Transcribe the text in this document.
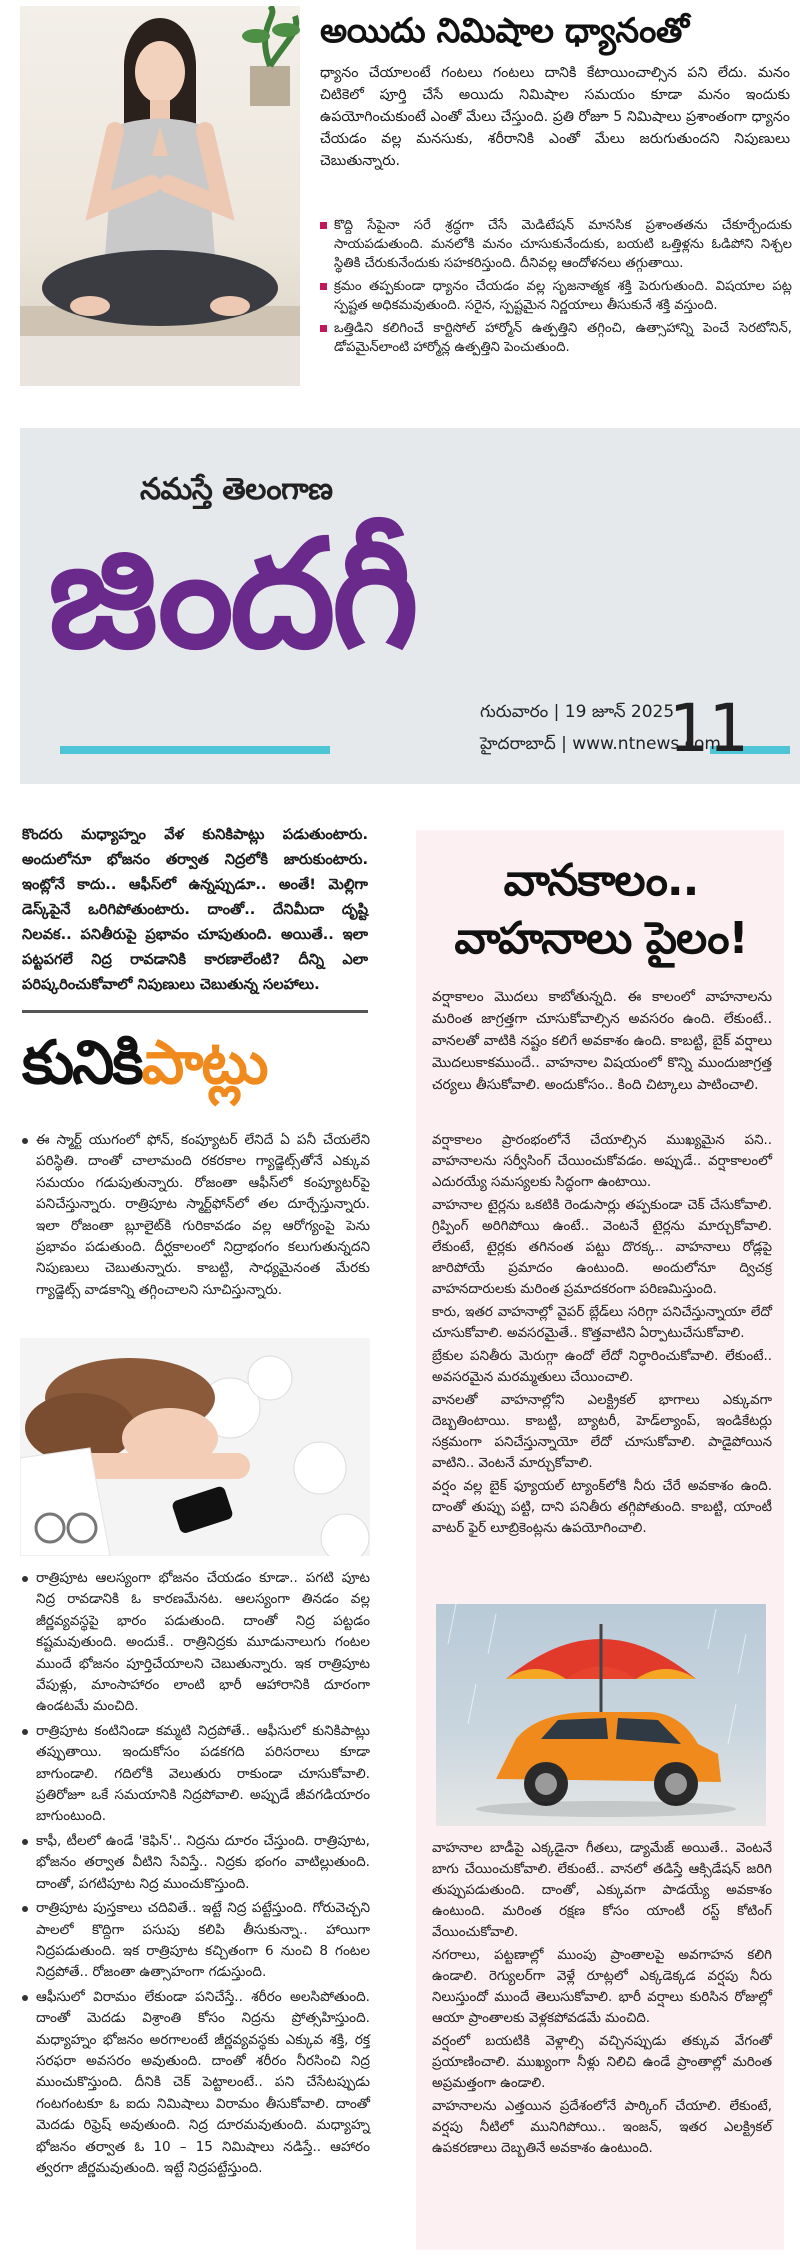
అయిదు నిమిషాల ధ్యానంతో
ధ్యానం చేయాలంటే గంటలు గంటలు దానికి కేటాయించాల్సిన పని లేదు. మనం చిటికెలో పూర్తి చేసే అయిదు నిమిషాల సమయం కూడా మనం ఇందుకు ఉపయోగించుకుంటే ఎంతో మేలు చేస్తుంది. ప్రతి రోజూ 5 నిమిషాలు ప్రశాంతంగా ధ్యానం చేయడం వల్ల మనసుకు, శరీరానికి ఎంతో మేలు జరుగుతుందని నిపుణులు చెబుతున్నారు.

కొద్ది సేపైనా సరే శ్రద్ధగా చేసే మెడిటేషన్ మానసిక ప్రశాంతతను చేకూర్చేందుకు సాయపడుతుంది. మనలోకి మనం చూసుకునేందుకు, బయటి ఒత్తిళ్లను ఓడిపోని నిశ్చల స్థితికి చేరుకునేందుకు సహకరిస్తుంది. దీనివల్ల ఆందోళనలు తగ్గుతాయి.

క్రమం తప్పకుండా ధ్యానం చేయడం వల్ల సృజనాత్మక శక్తి పెరుగుతుంది. విషయాల పట్ల స్పష్టత అధికమవుతుంది. సరైన, స్పష్టమైన నిర్ణయాలు తీసుకునే శక్తి వస్తుంది.

ఒత్తిడిని కలిగించే కార్టిసోల్ హార్మోన్ ఉత్పత్తిని తగ్గించి, ఉత్సాహాన్ని పెంచే సెరటోనిన్, డోపమైన్‌లాంటి హార్మోన్ల ఉత్పత్తిని పెంచుతుంది.

నమస్తే తెలంగాణ
జిందగీ
గురువారం | 19 జూన్ 2025
హైదరాబాద్ | www.ntnews.com
11
కొందరు మధ్యాహ్నం వేళ కునికిపాట్లు పడుతుంటారు. అందులోనూ భోజనం తర్వాత నిద్రలోకి జారుకుంటారు. ఇంట్లోనే కాదు.. ఆఫీస్‌లో ఉన్నప్పుడూ.. అంతే! మెల్లిగా డెస్క్‌పైనే ఒరిగిపోతుంటారు. దాంతో.. దేనిమీదా దృష్టి నిలవక.. పనితీరుపై ప్రభావం చూపుతుంది. అయితే.. ఇలా పట్టపగలే నిద్ర రావడానికి కారణాలేంటి? దీన్ని ఎలా పరిష్కరించుకోవాలో నిపుణులు చెబుతున్న సలహాలు.
కునికిపాట్లు

ఈ స్మార్ట్ యుగంలో ఫోన్, కంప్యూటర్ లేనిదే ఏ పనీ చేయలేని పరిస్థితి. దాంతో చాలామంది రకరకాల గ్యాడ్జెట్స్‌తోనే ఎక్కువ సమయం గడుపుతున్నారు. రోజంతా ఆఫీస్‌లో కంప్యూటర్‌పై పనిచేస్తున్నారు. రాత్రిపూట స్మార్ట్‌ఫోన్‌లో తల దూర్చేస్తున్నారు. ఇలా రోజంతా బ్లూలైట్‌కి గురికావడం వల్ల ఆరోగ్యంపై పెను ప్రభావం పడుతుంది. దీర్ఘకాలంలో నిద్రాభంగం కలుగుతున్నదని నిపుణులు చెబుతున్నారు. కాబట్టి, సాధ్యమైనంత మేరకు గ్యాడ్జెట్స్ వాడకాన్ని తగ్గించాలని సూచిస్తున్నారు.

రాత్రిపూట ఆలస్యంగా భోజనం చేయడం కూడా.. పగటి పూట నిద్ర రావడానికి ఓ కారణమేనట. ఆలస్యంగా తినడం వల్ల జీర్ణవ్యవస్థపై భారం పడుతుంది. దాంతో నిద్ర పట్టడం కష్టమవుతుంది. అందుకే.. రాత్రినిద్రకు మూడునాలుగు గంటల ముందే భోజనం పూర్తిచేయాలని చెబుతున్నారు. ఇక రాత్రిపూట వేపుళ్లు, మాంసాహారం లాంటి భారీ ఆహారానికి దూరంగా ఉండటమే మంచిది.

రాత్రిపూట కంటినిండా కమ్మటి నిద్రపోతే.. ఆఫీసులో కునికిపాట్లు తప్పుతాయి. ఇందుకోసం పడకగది పరిసరాలు కూడా బాగుండాలి. గదిలోకి వెలుతురు రాకుండా చూసుకోవాలి. ప్రతిరోజూ ఒకే సమయానికి నిద్రపోవాలి. అప్పుడే జీవగడియారం బాగుంటుంది.

కాఫీ, టీలలో ఉండే 'కెఫిన్'.. నిద్రను దూరం చేస్తుంది. రాత్రిపూట, భోజనం తర్వాత వీటిని సేవిస్తే.. నిద్రకు భంగం వాటిల్లుతుంది. దాంతో, పగటిపూట నిద్ర ముంచుకొస్తుంది.

రాత్రిపూట పుస్తకాలు చదివితే.. ఇట్టే నిద్ర పట్టేస్తుంది. గోరువెచ్చని పాలలో కొద్దిగా పసుపు కలిపి తీసుకున్నా.. హాయిగా నిద్రపడుతుంది. ఇక రాత్రిపూట కచ్చితంగా 6 నుంచి 8 గంటల నిద్రపోతే.. రోజంతా ఉత్సాహంగా గడుస్తుంది.

ఆఫీసులో విరామం లేకుండా పనిచేస్తే.. శరీరం అలసిపోతుంది. దాంతో మెదడు విశ్రాంతి కోసం నిద్రను ప్రోత్సహిస్తుంది. మధ్యాహ్నం భోజనం అరగాలంటే జీర్ణవ్యవస్థకు ఎక్కువ శక్తి, రక్త సరఫరా అవసరం అవుతుంది. దాంతో శరీరం నీరసించి నిద్ర ముంచుకొస్తుంది. దీనికి చెక్ పెట్టాలంటే.. పని చేసేటప్పుడు గంటగంటకూ ఓ ఐదు నిమిషాలు విరామం తీసుకోవాలి. దాంతో మెదడు రిఫ్రెష్ అవుతుంది. నిద్ర దూరమవుతుంది. మధ్యాహ్న భోజనం తర్వాత ఓ 10 – 15 నిమిషాలు నడిస్తే.. ఆహారం త్వరగా జీర్ణమవుతుంది. ఇట్టే నిద్రపట్టేస్తుంది.

వానకాలం..
వాహనాలు పైలం!
వర్షాకాలం మొదలు కాబోతున్నది. ఈ కాలంలో వాహనాలను మరింత జాగ్రత్తగా చూసుకోవాల్సిన అవసరం ఉంది. లేకుంటే.. వానలతో వాటికి నష్టం కలిగే అవకాశం ఉంది. కాబట్టి, బైక్ వర్షాలు మొదలుకాకముందే.. వాహనాల విషయంలో కొన్ని ముందుజాగ్రత్త చర్యలు తీసుకోవాలి. అందుకోసం.. కింది చిట్కాలు పాటించాలి.

వర్షాకాలం ప్రారంభంలోనే చేయాల్సిన ముఖ్యమైన పని.. వాహనాలను సర్వీసింగ్ చేయించుకోవడం. అప్పుడే.. వర్షాకాలంలో ఎదురయ్యే సమస్యలకు సిద్ధంగా ఉంటాయి.

వాహనాల టైర్లను ఒకటికి రెండుసార్లు తప్పకుండా చెక్ చేసుకోవాలి. గ్రిప్పింగ్ అరిగిపోయి ఉంటే.. వెంటనే టైర్లను మార్చుకోవాలి. లేకుంటే, టైర్లకు తగినంత పట్టు దొరక్క.. వాహనాలు రోడ్లపై జారిపోయే ప్రమాదం ఉంటుంది. అందులోనూ ద్విచక్ర వాహనదారులకు మరింత ప్రమాదకరంగా పరిణమిస్తుంది.

కారు, ఇతర వాహనాల్లో వైపర్ బ్లేడ్‌లు సరిగ్గా పనిచేస్తున్నాయా లేదో చూసుకోవాలి. అవసరమైతే.. కొత్తవాటిని ఏర్పాటుచేసుకోవాలి.

బ్రేకుల పనితీరు మెరుగ్గా ఉందో లేదో నిర్ధారించుకోవాలి. లేకుంటే.. అవసరమైన మరమ్మతులు చేయించాలి.

వానలతో వాహనాల్లోని ఎలక్ట్రికల్ భాగాలు ఎక్కువగా దెబ్బతింటాయి. కాబట్టి, బ్యాటరీ, హెడ్‌ల్యాంప్, ఇండికేటర్లు సక్రమంగా పనిచేస్తున్నాయో లేదో చూసుకోవాలి. పాడైపోయిన వాటిని.. వెంటనే మార్చుకోవాలి.

వర్షం వల్ల బైక్ ఫ్యూయల్ ట్యాంక్‌లోకి నీరు చేరే అవకాశం ఉంది. దాంతో తుప్పు పట్టి, దాని పనితీరు తగ్గిపోతుంది. కాబట్టి, యాంటీ వాటర్ ఫైర్ లూబ్రికెంట్లను ఉపయోగించాలి.

వాహనాల బాడీపై ఎక్కడైనా గీతలు, డ్యామేజ్ అయితే.. వెంటనే బాగు చేయించుకోవాలి. లేకుంటే.. వానలో తడిస్తే ఆక్సిడేషన్ జరిగి తుప్పుపడుతుంది. దాంతో, ఎక్కువగా పాడయ్యే అవకాశం ఉంటుంది. మరింత రక్షణ కోసం యాంటీ రస్ట్ కోటింగ్ వేయించుకోవాలి.

నగరాలు, పట్టణాల్లో ముంపు ప్రాంతాలపై అవగాహన కలిగి ఉండాలి. రెగ్యులర్‌గా వెళ్లే రూట్లలో ఎక్కడెక్కడ వర్షపు నీరు నిలుస్తుందో ముందే తెలుసుకోవాలి. భారీ వర్షాలు కురిసిన రోజుల్లో ఆయా ప్రాంతాలకు వెళ్లకపోవడమే మంచిది.

వర్షంలో బయటికి వెళ్లాల్సి వచ్చినప్పుడు తక్కువ వేగంతో ప్రయాణించాలి. ముఖ్యంగా నీళ్లు నిలిచి ఉండే ప్రాంతాల్లో మరింత అప్రమత్తంగా ఉండాలి.

వాహనాలను ఎత్తయిన ప్రదేశంలోనే పార్కింగ్ చేయాలి. లేకుంటే, వర్షపు నీటిలో మునిగిపోయి.. ఇంజన్, ఇతర ఎలక్ట్రికల్ ఉపకరణాలు దెబ్బతినే అవకాశం ఉంటుంది.
